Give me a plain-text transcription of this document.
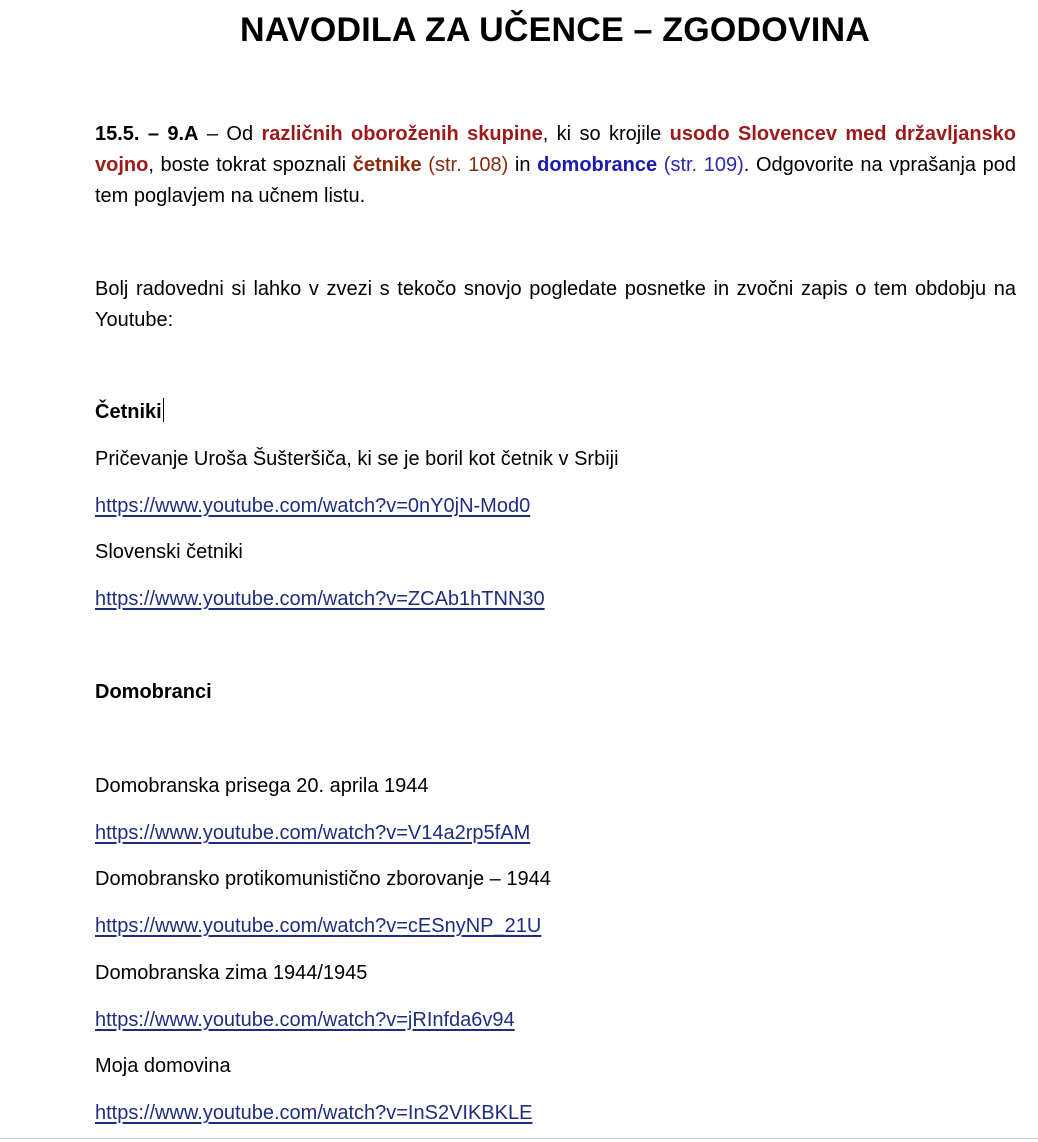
NAVODILA ZA UČENCE – ZGODOVINA

15.5. – 9.A – Od različnih oboroženih skupine, ki so krojile usodo Slovencev med državljansko vojno, boste tokrat spoznali četnike (str. 108) in domobrance (str. 109). Odgovorite na vprašanja pod tem poglavjem na učnem listu.

Bolj radovedni si lahko v zvezi s tekočo snovjo pogledate posnetke in zvočni zapis o tem obdobju na Youtube:

Četniki

Pričevanje Uroša Šušteršiča, ki se je boril kot četnik v Srbiji

https://www.youtube.com/watch?v=0nY0jN-Mod0

Slovenski četniki

https://www.youtube.com/watch?v=ZCAb1hTNN30

Domobranci

Domobranska prisega 20. aprila 1944

https://www.youtube.com/watch?v=V14a2rp5fAM

Domobransko protikomunistično zborovanje – 1944

https://www.youtube.com/watch?v=cESnyNP_21U

Domobranska zima 1944/1945

https://www.youtube.com/watch?v=jRInfda6v94

Moja domovina

https://www.youtube.com/watch?v=InS2VIKBKLE
